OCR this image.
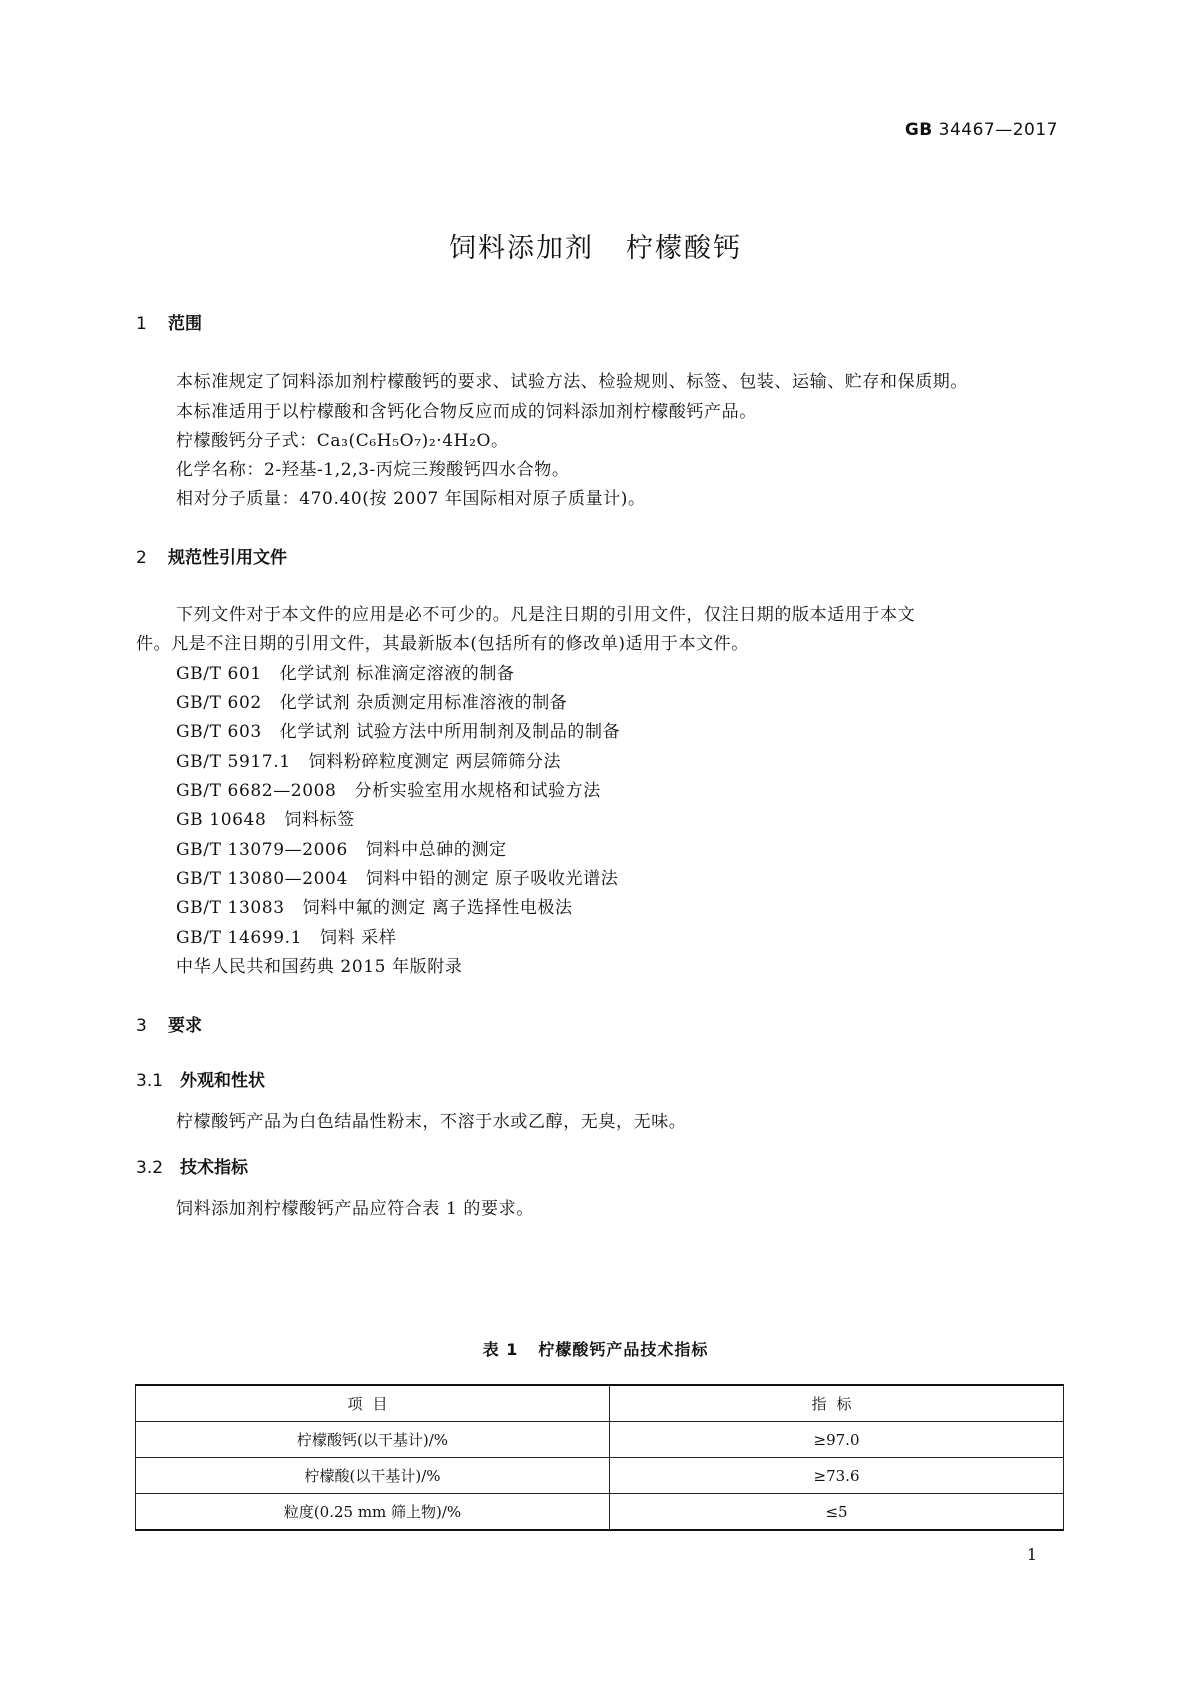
GB 34467—2017
饲料添加剂 柠檬酸钙
1 范围
本标准规定了饲料添加剂柠檬酸钙的要求、试验方法、检验规则、标签、包装、运输、贮存和保质期。
本标准适用于以柠檬酸和含钙化合物反应而成的饲料添加剂柠檬酸钙产品。
柠檬酸钙分子式：Ca₃(C₆H₅O₇)₂·4H₂O。
化学名称：2-羟基-1,2,3-丙烷三羧酸钙四水合物。
相对分子质量：470.40(按 2007 年国际相对原子质量计)。
2 规范性引用文件
下列文件对于本文件的应用是必不可少的。凡是注日期的引用文件，仅注日期的版本适用于本文
件。凡是不注日期的引用文件，其最新版本(包括所有的修改单)适用于本文件。
GB/T 601 化学试剂 标准滴定溶液的制备
GB/T 602 化学试剂 杂质测定用标准溶液的制备
GB/T 603 化学试剂 试验方法中所用制剂及制品的制备
GB/T 5917.1 饲料粉碎粒度测定 两层筛筛分法
GB/T 6682—2008 分析实验室用水规格和试验方法
GB 10648 饲料标签
GB/T 13079—2006 饲料中总砷的测定
GB/T 13080—2004 饲料中铅的测定 原子吸收光谱法
GB/T 13083 饲料中氟的测定 离子选择性电极法
GB/T 14699.1 饲料 采样
中华人民共和国药典 2015 年版附录
3 要求
3.1 外观和性状
柠檬酸钙产品为白色结晶性粉末，不溶于水或乙醇，无臭，无味。
3.2 技术指标
饲料添加剂柠檬酸钙产品应符合表 1 的要求。
表 1 柠檬酸钙产品技术指标
项目	指标
柠檬酸钙(以干基计)/%	≥97.0
柠檬酸(以干基计)/%	≥73.6
粒度(0.25 mm 筛上物)/%	≤5
1
